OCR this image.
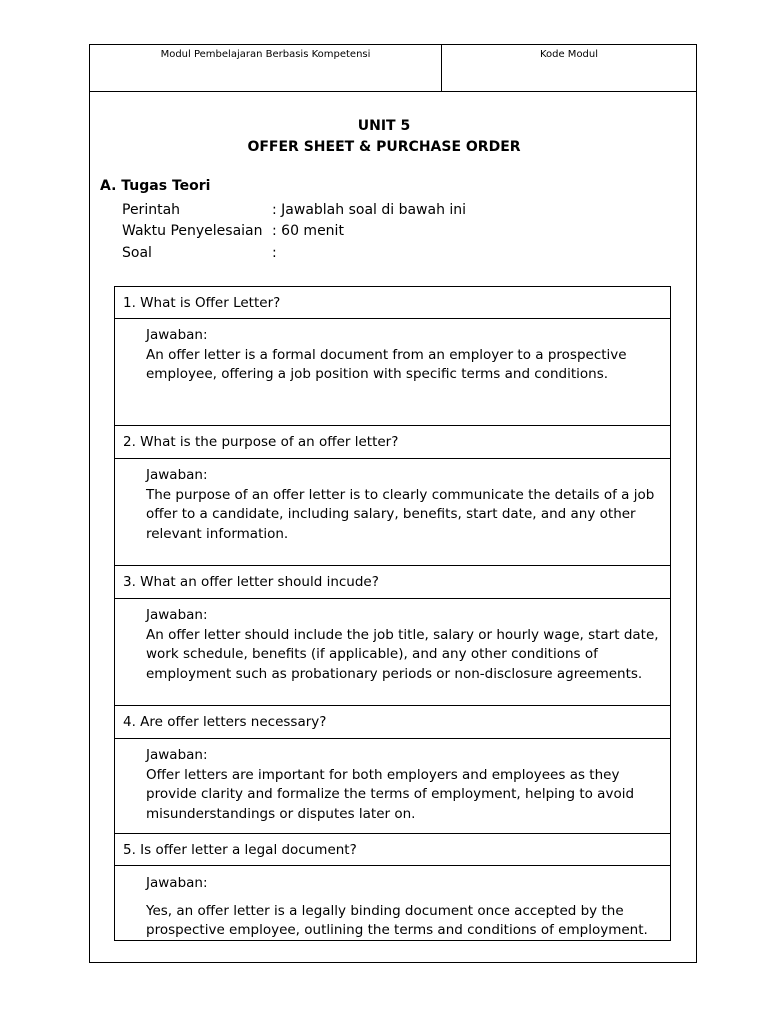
Modul Pembelajaran Berbasis Kompetensi	Kode Modul
UNIT 5
OFFER SHEET & PURCHASE ORDER
A. Tugas Teori
Perintah	: Jawablah soal di bawah ini
Waktu Penyelesaian : 60 menit
Soal	:
1. What is Offer Letter?
Jawaban:
An offer letter is a formal document from an employer to a prospective employee, offering a job position with specific terms and conditions.
2. What is the purpose of an offer letter?
Jawaban:
The purpose of an offer letter is to clearly communicate the details of a job offer to a candidate, including salary, benefits, start date, and any other relevant information.
3. What an offer letter should incude?
Jawaban:
An offer letter should include the job title, salary or hourly wage, start date, work schedule, benefits (if applicable), and any other conditions of employment such as probationary periods or non-disclosure agreements.
4. Are offer letters necessary?
Jawaban:
Offer letters are important for both employers and employees as they provide clarity and formalize the terms of employment, helping to avoid misunderstandings or disputes later on.
5. Is offer letter a legal document?
Jawaban:
Yes, an offer letter is a legally binding document once accepted by the prospective employee, outlining the terms and conditions of employment.
